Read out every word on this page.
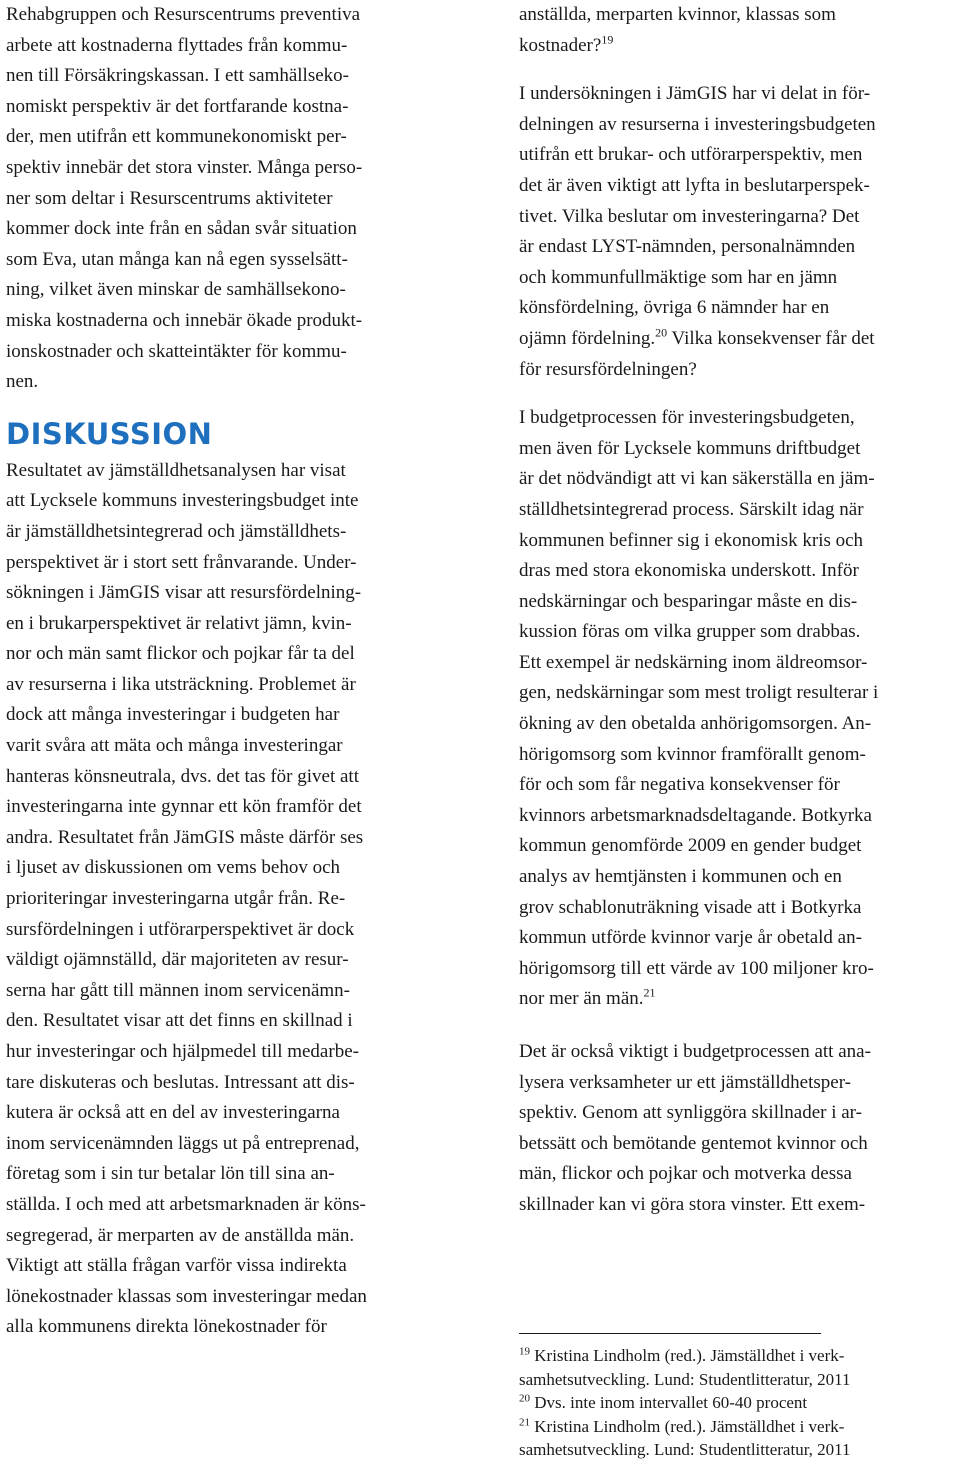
Rehabgruppen och Resurscentrums preventiva
arbete att kostnaderna flyttades från kommu-
nen till Försäkringskassan. I ett samhällseko-
nomiskt perspektiv är det fortfarande kostna-
der, men utifrån ett kommunekonomiskt per-
spektiv innebär det stora vinster. Många perso-
ner som deltar i Resurscentrums aktiviteter
kommer dock inte från en sådan svår situation
som Eva, utan många kan nå egen sysselsätt-
ning, vilket även minskar de samhällsekono-
miska kostnaderna och innebär ökade produkt-
ionskostnader och skatteintäkter för kommu-
nen.

DISKUSSION

Resultatet av jämställdhetsanalysen har visat
att Lycksele kommuns investeringsbudget inte
är jämställdhetsintegrerad och jämställdhets-
perspektivet är i stort sett frånvarande. Under-
sökningen i JämGIS visar att resursfördelning-
en i brukarperspektivet är relativt jämn, kvin-
nor och män samt flickor och pojkar får ta del
av resurserna i lika utsträckning. Problemet är
dock att många investeringar i budgeten har
varit svåra att mäta och många investeringar
hanteras könsneutrala, dvs. det tas för givet att
investeringarna inte gynnar ett kön framför det
andra. Resultatet från JämGIS måste därför ses
i ljuset av diskussionen om vems behov och
prioriteringar investeringarna utgår från. Re-
sursfördelningen i utförarperspektivet är dock
väldigt ojämnställd, där majoriteten av resur-
serna har gått till männen inom servicenämn-
den. Resultatet visar att det finns en skillnad i
hur investeringar och hjälpmedel till medarbe-
tare diskuteras och beslutas. Intressant att dis-
kutera är också att en del av investeringarna
inom servicenämnden läggs ut på entreprenad,
företag som i sin tur betalar lön till sina an-
ställda. I och med att arbetsmarknaden är köns-
segregerad, är merparten av de anställda män.
Viktigt att ställa frågan varför vissa indirekta
lönekostnader klassas som investeringar medan
alla kommunens direkta lönekostnader för

anställda, merparten kvinnor, klassas som
kostnader?$^{19}$

I undersökningen i JämGIS har vi delat in för-
delningen av resurserna i investeringsbudgeten
utifrån ett brukar- och utförarperspektiv, men
det är även viktigt att lyfta in beslutarperspek-
tivet. Vilka beslutar om investeringarna? Det
är endast LYST-nämnden, personalnämnden
och kommunfullmäktige som har en jämn
könsfördelning, övriga 6 nämnder har en
ojämn fördelning.$^{20}$ Vilka konsekvenser får det
för resursfördelningen?

I budgetprocessen för investeringsbudgeten,
men även för Lycksele kommuns driftbudget
är det nödvändigt att vi kan säkerställa en jäm-
ställdhetsintegrerad process. Särskilt idag när
kommunen befinner sig i ekonomisk kris och
dras med stora ekonomiska underskott. Inför
nedskärningar och besparingar måste en dis-
kussion föras om vilka grupper som drabbas.
Ett exempel är nedskärning inom äldreomsor-
gen, nedskärningar som mest troligt resulterar i
ökning av den obetalda anhörigomsorgen. An-
hörigomsorg som kvinnor framförallt genom-
för och som får negativa konsekvenser för
kvinnors arbetsmarknadsdeltagande. Botkyrka
kommun genomförde 2009 en gender budget
analys av hemtjänsten i kommunen och en
grov schablonuträkning visade att i Botkyrka
kommun utförde kvinnor varje år obetald an-
hörigomsorg till ett värde av 100 miljoner kro-
nor mer än män.$^{21}$

Det är också viktigt i budgetprocessen att ana-
lysera verksamheter ur ett jämställdhetsper-
spektiv. Genom att synliggöra skillnader i ar-
betssätt och bemötande gentemot kvinnor och
män, flickor och pojkar och motverka dessa
skillnader kan vi göra stora vinster. Ett exem-

$^{19}$ Kristina Lindholm (red.). Jämställdhet i verk-
samhetsutveckling. Lund: Studentlitteratur, 2011

$^{20}$ Dvs. inte inom intervallet 60-40 procent

$^{21}$ Kristina Lindholm (red.). Jämställdhet i verk-
samhetsutveckling. Lund: Studentlitteratur, 2011
